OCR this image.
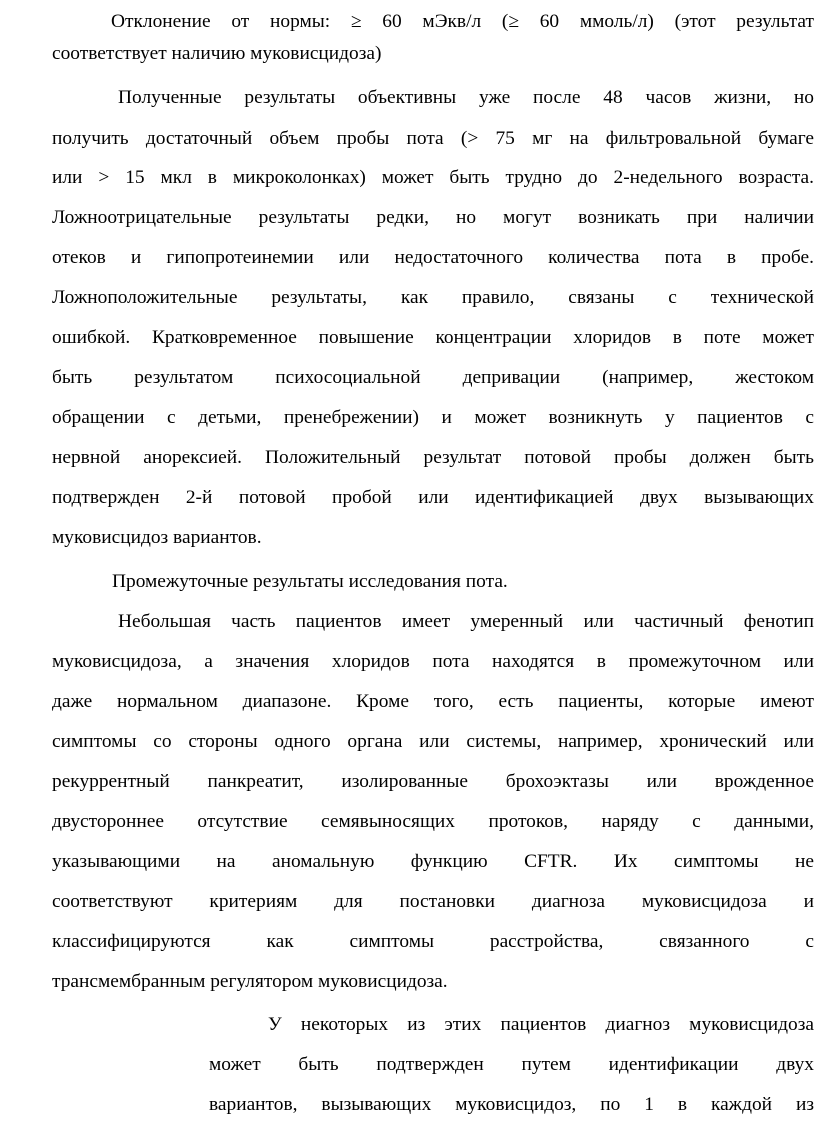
Отклонение от нормы: ≥ 60 мЭкв/л (≥ 60 ммоль/л) (этот результат
соответствует наличию муковисцидоза)
Полученные результаты объективны уже после 48 часов жизни, но
получить достаточный объем пробы пота (> 75 мг на фильтровальной бумаге
или > 15 мкл в микроколонках) может быть трудно до 2-недельного возраста.
Ложноотрицательные результаты редки, но могут возникать при наличии
отеков и гипопротеинемии или недостаточного количества пота в пробе.
Ложноположительные результаты, как правило, связаны с технической
ошибкой. Кратковременное повышение концентрации хлоридов в поте может
быть результатом психосоциальной депривации (например, жестоком
обращении с детьми, пренебрежении) и может возникнуть у пациентов с
нервной анорексией. Положительный результат потовой пробы должен быть
подтвержден 2-й потовой пробой или идентификацией двух вызывающих
муковисцидоз вариантов.
Промежуточные результаты исследования пота.
Небольшая часть пациентов имеет умеренный или частичный фенотип
муковисцидоза, а значения хлоридов пота находятся в промежуточном или
даже нормальном диапазоне. Кроме того, есть пациенты, которые имеют
симптомы со стороны одного органа или системы, например, хронический или
рекуррентный панкреатит, изолированные брохоэктазы или врожденное
двустороннее отсутствие семявыносящих протоков, наряду с данными,
указывающими на аномальную функцию CFTR. Их симптомы не
соответствуют критериям для постановки диагноза муковисцидоза и
классифицируются как симптомы расстройства, связанного с
трансмембранным регулятором муковисцидоза.
У некоторых из этих пациентов диагноз муковисцидоза
может быть подтвержден путем идентификации двух
вариантов, вызывающих муковисцидоз, по 1 в каждой из
